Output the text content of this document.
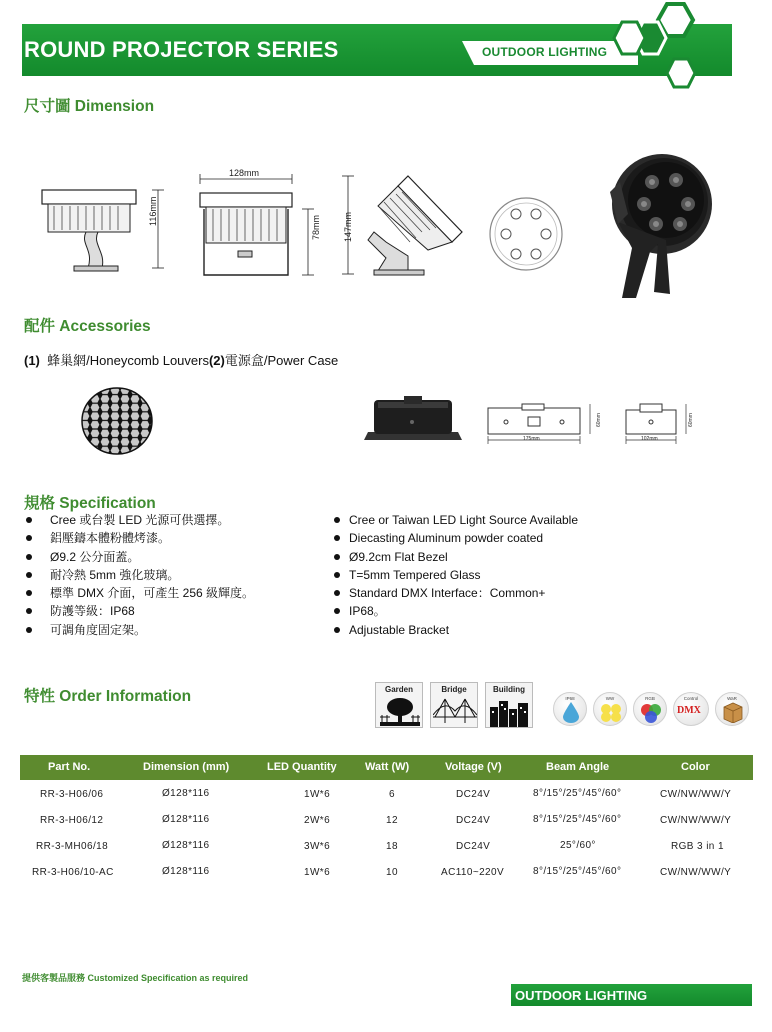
ROUND PROJECTOR SERIES	OUTDOOR LIGHTING
尺寸圖 Dimension
116mm
128mm
78mm 147mm
配件 Accessories
(1) 蜂巢網/Honeycomb Louvers(2)電源盒/Power Case
175mm
60mm
102mm
60mm
規格 Specification
Cree 或台製 LED 光源可供選擇。
鋁壓鑄本體粉體烤漆。
Ø9.2 公分面蓋。
耐冷熱 5mm 強化玻璃。
標準 DMX 介面，可產生 256 級輝度。
防護等級：IP68
可調角度固定架。
Cree or Taiwan LED Light Source Available
Diecasting Aluminum powder coated
Ø9.2cm Flat Bezel
T=5mm Tempered Glass
Standard DMX Interface：Common+
IP68。
Adjustable Bracket
特性 Order Information	Garden	Bridge	Building
IP68	WW	RGB	Control
DMX
WaR
Part No.	Dimension (mm)	LED Quantity	Watt (W)	Voltage (V)	Beam Angle	Color
RR-3-H06/06	Ø128*116	1W*6	6	DC24V	8°/15°/25°/45°/60°	CW/NW/WW/Y
RR-3-H06/12	Ø128*116	2W*6	12	DC24V	8°/15°/25°/45°/60°	CW/NW/WW/Y
RR-3-MH06/18	Ø128*116	3W*6	18	DC24V	25°/60°	RGB 3 in 1
RR-3-H06/10-AC	Ø128*116	1W*6	10	AC110~220V	8°/15°/25°/45°/60°	CW/NW/WW/Y
提供客製品服務 Customized Specification as required
OUTDOOR LIGHTING
